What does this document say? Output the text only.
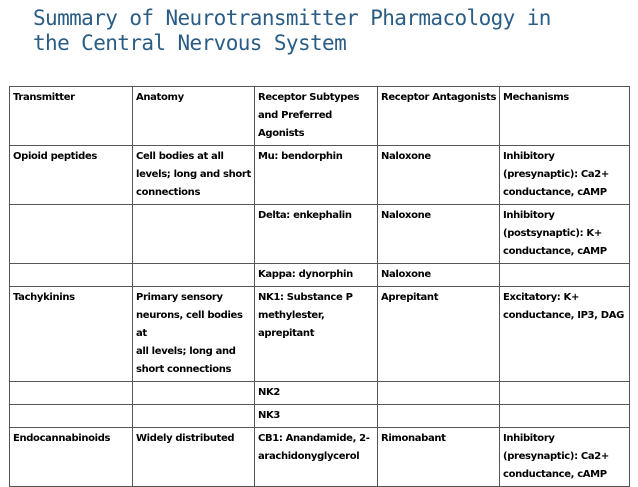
Summary of Neurotransmitter Pharmacology in
the Central Nervous System
Transmitter	Anatomy	Receptor Subtypes
and Preferred Agonists	Receptor Antagonists	Mechanisms
Opioid peptides	Cell bodies at all
levels; long and short
connections	Mu: bendorphin	Naloxone	Inhibitory
(presynaptic): Ca2+
conductance, cAMP
		Delta: enkephalin	Naloxone	Inhibitory
(postsynaptic): K+
conductance, cAMP
		Kappa: dynorphin	Naloxone	
Tachykinins	Primary sensory
neurons, cell bodies at
all levels; long and
short connections	NK1: Substance P
methylester,
aprepitant	Aprepitant	Excitatory: K+
conductance, IP3, DAG
		NK2		
		NK3		
Endocannabinoids	Widely distributed	CB1: Anandamide, 2-
arachidonyglycerol	Rimonabant	Inhibitory
(presynaptic): Ca2+
conductance, cAMP
